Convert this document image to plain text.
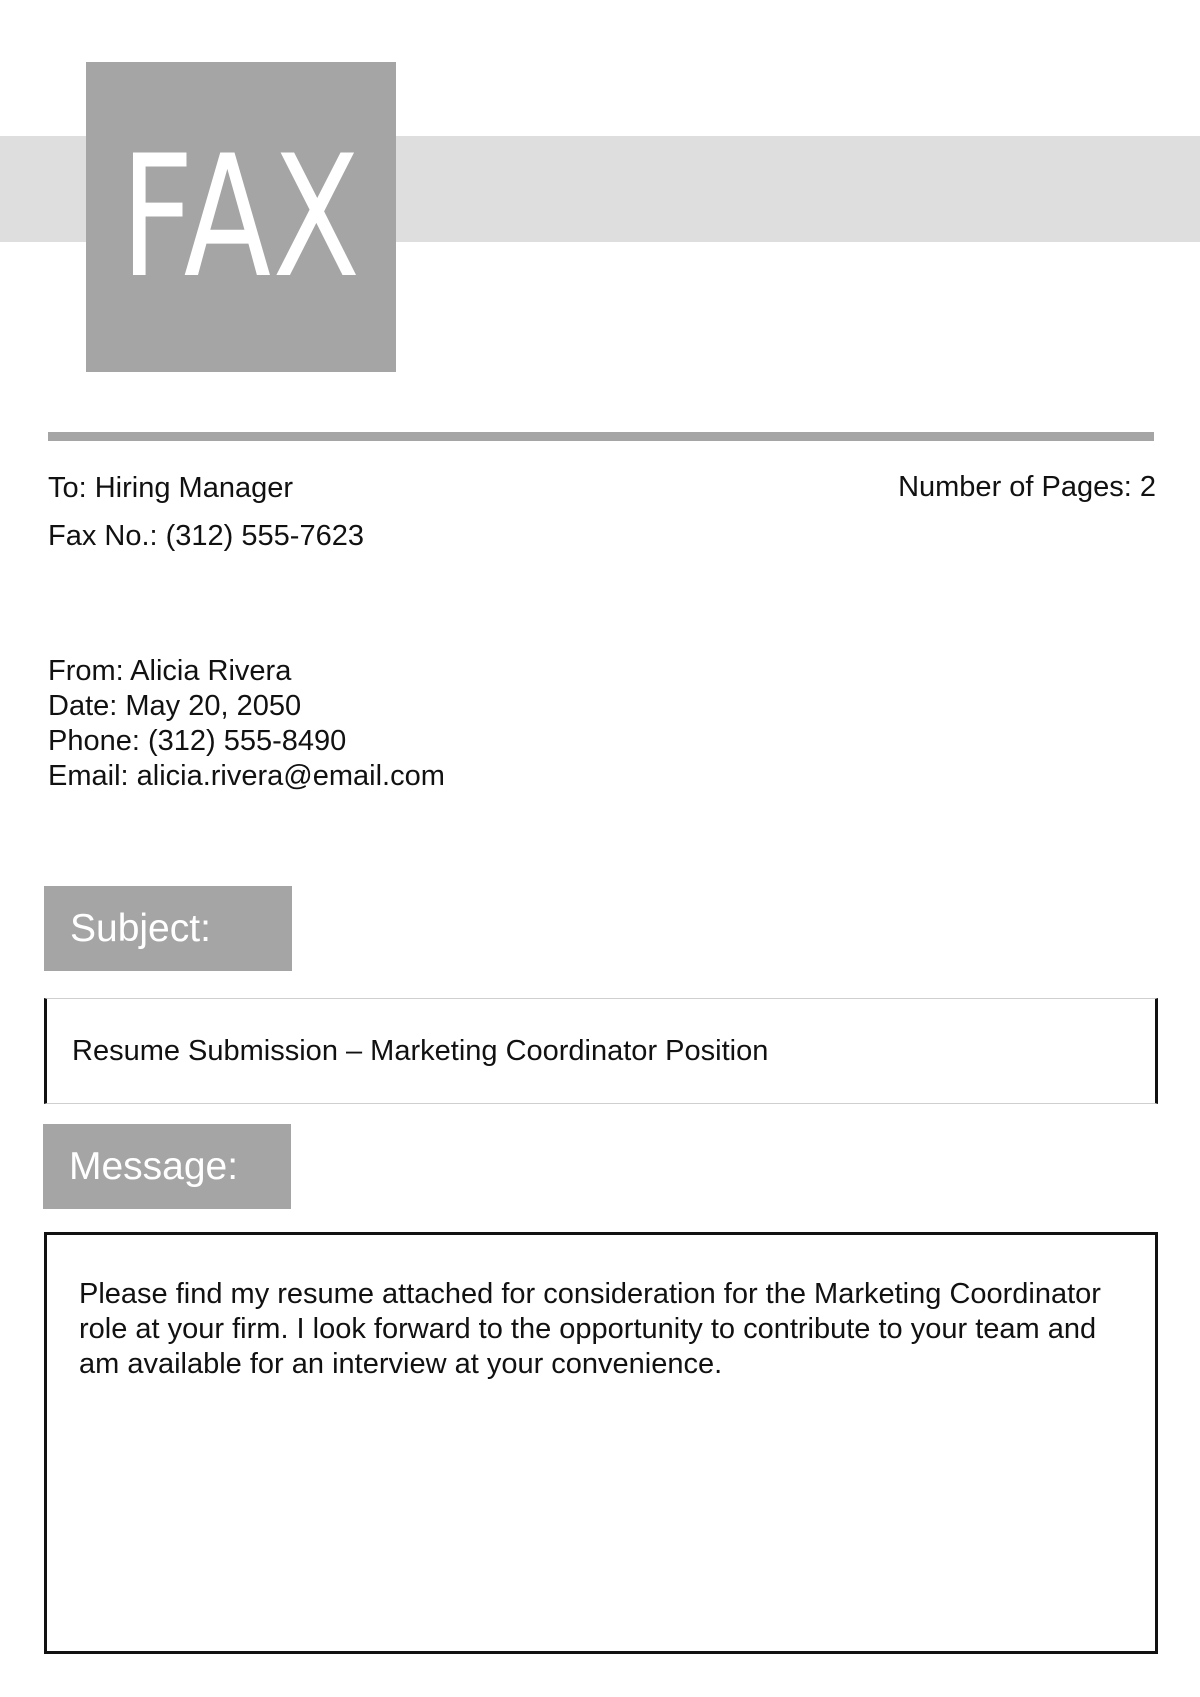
FAX
To: Hiring Manager
Fax No.: (312) 555-7623
Number of Pages: 2
From: Alicia Rivera
Date: May 20, 2050
Phone: (312) 555-8490
Email: alicia.rivera@email.com
Subject:
Resume Submission – Marketing Coordinator Position
Message:
Please find my resume attached for consideration for the Marketing Coordinator role at your firm. I look forward to the opportunity to contribute to your team and am available for an interview at your convenience.
